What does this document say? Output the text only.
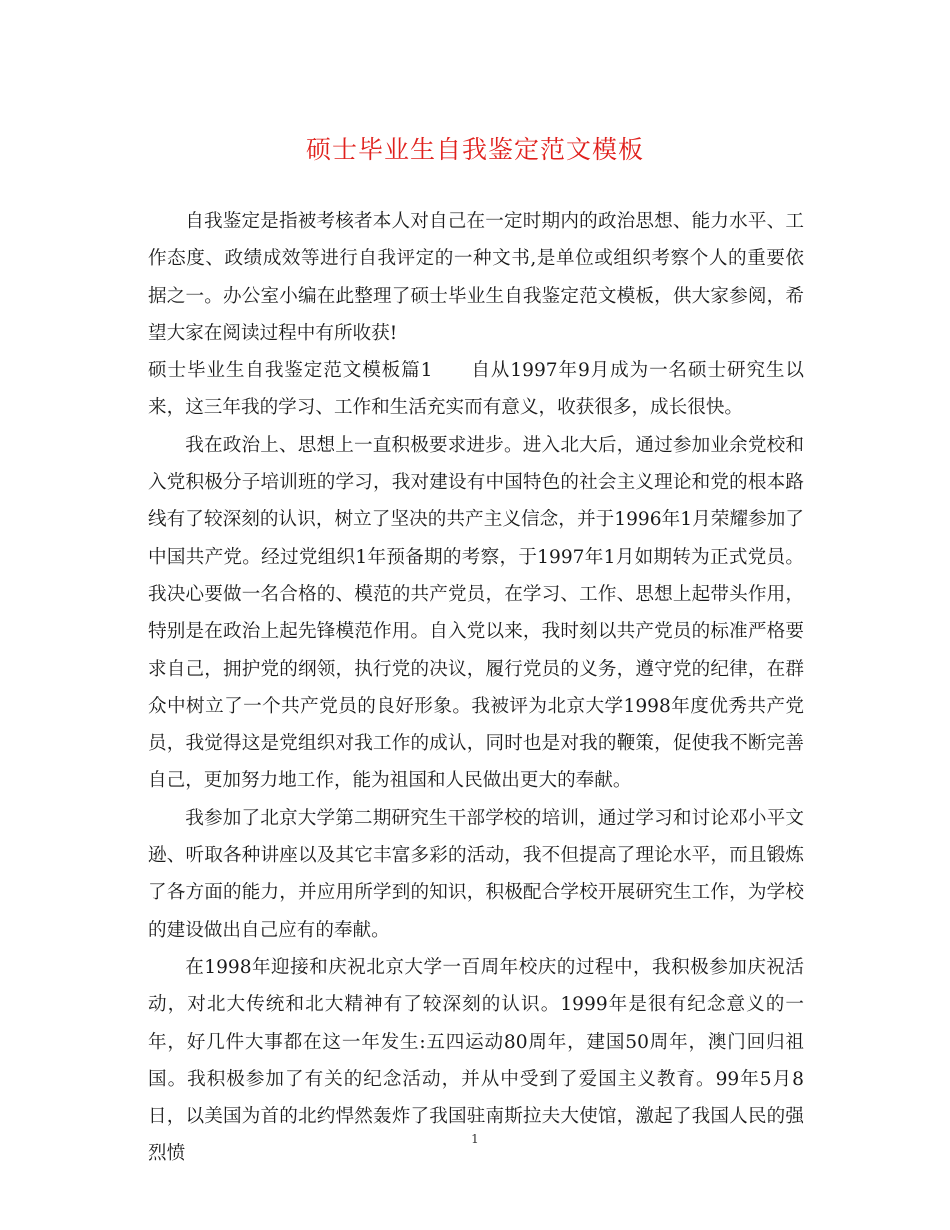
硕士毕业生自我鉴定范文模板

自我鉴定是指被考核者本人对自己在一定时期内的政治思想、能力水平、工作态度、政绩成效等进行自我评定的一种文书,是单位或组织考察个人的重要依据之一。办公室小编在此整理了硕士毕业生自我鉴定范文模板，供大家参阅，希望大家在阅读过程中有所收获!

硕士毕业生自我鉴定范文模板篇1 自从1997年9月成为一名硕士研究生以来，这三年我的学习、工作和生活充实而有意义，收获很多，成长很快。

我在政治上、思想上一直积极要求进步。进入北大后，通过参加业余党校和入党积极分子培训班的学习，我对建设有中国特色的社会主义理论和党的根本路线有了较深刻的认识，树立了坚决的共产主义信念，并于1996年1月荣耀参加了中国共产党。经过党组织1年预备期的考察，于1997年1月如期转为正式党员。我决心要做一名合格的、模范的共产党员，在学习、工作、思想上起带头作用，特别是在政治上起先锋模范作用。自入党以来，我时刻以共产党员的标准严格要求自己，拥护党的纲领，执行党的决议，履行党员的义务，遵守党的纪律，在群众中树立了一个共产党员的良好形象。我被评为北京大学1998年度优秀共产党员，我觉得这是党组织对我工作的成认，同时也是对我的鞭策，促使我不断完善自己，更加努力地工作，能为祖国和人民做出更大的奉献。

我参加了北京大学第二期研究生干部学校的培训，通过学习和讨论邓小平文逊、听取各种讲座以及其它丰富多彩的活动，我不但提高了理论水平，而且锻炼了各方面的能力，并应用所学到的知识，积极配合学校开展研究生工作，为学校的建设做出自己应有的奉献。

在1998年迎接和庆祝北京大学一百周年校庆的过程中，我积极参加庆祝活动，对北大传统和北大精神有了较深刻的认识。1999年是很有纪念意义的一年，好几件大事都在这一年发生:五四运动80周年，建国50周年，澳门回归祖国。我积极参加了有关的纪念活动，并从中受到了爱国主义教育。99年5月8日，以美国为首的北约悍然轰炸了我国驻南斯拉夫大使馆，激起了我国人民的强烈愤

1
